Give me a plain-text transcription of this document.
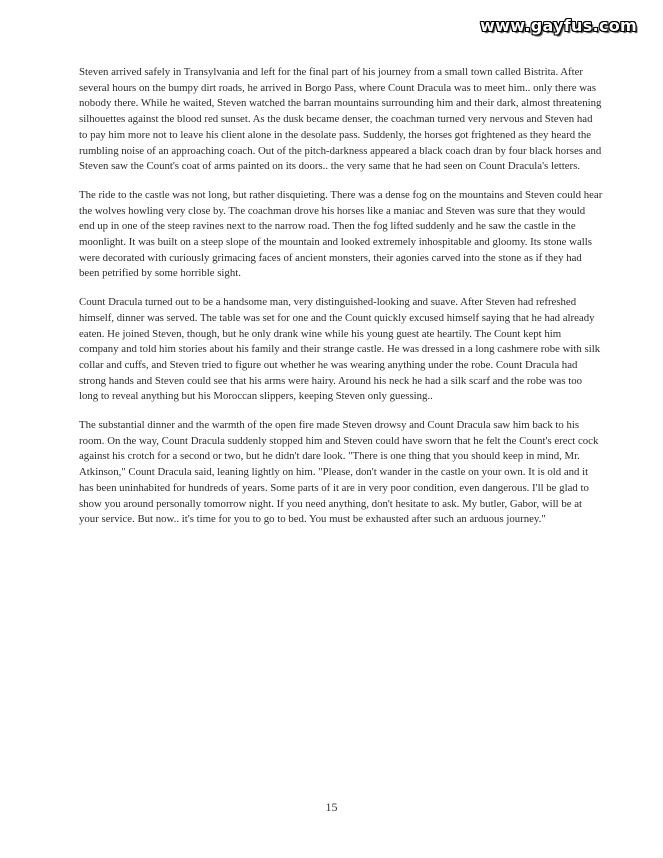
www.gayfus.com

Steven arrived safely in Transylvania and left for the final part of his journey from a small town called Bistrita. After several hours on the bumpy dirt roads, he arrived in Borgo Pass, where Count Dracula was to meet him.. only there was nobody there. While he waited, Steven watched the barran mountains surrounding him and their dark, almost threatening silhouettes against the blood red sunset. As the dusk became denser, the coachman turned very nervous and Steven had to pay him more not to leave his client alone in the desolate pass. Suddenly, the horses got frightened as they heard the rumbling noise of an approaching coach. Out of the pitch-darkness appeared a black coach dran by four black horses and Steven saw the Count's coat of arms painted on its doors.. the very same that he had seen on Count Dracula's letters.

The ride to the castle was not long, but rather disquieting. There was a dense fog on the mountains and Steven could hear the wolves howling very close by. The coachman drove his horses like a maniac and Steven was sure that they would end up in one of the steep ravines next to the narrow road. Then the fog lifted suddenly and he saw the castle in the moonlight. It was built on a steep slope of the mountain and looked extremely inhospitable and gloomy. Its stone walls were decorated with curiously grimacing faces of ancient monsters, their agonies carved into the stone as if they had been petrified by some horrible sight.

Count Dracula turned out to be a handsome man, very distinguished-looking and suave. After Steven had refreshed himself, dinner was served. The table was set for one and the Count quickly excused himself saying that he had already eaten. He joined Steven, though, but he only drank wine while his young guest ate heartily. The Count kept him company and told him stories about his family and their strange castle. He was dressed in a long cashmere robe with silk collar and cuffs, and Steven tried to figure out whether he was wearing anything under the robe. Count Dracula had strong hands and Steven could see that his arms were hairy. Around his neck he had a silk scarf and the robe was too long to reveal anything but his Moroccan slippers, keeping Steven only guessing..

The substantial dinner and the warmth of the open fire made Steven drowsy and Count Dracula saw him back to his room. On the way, Count Dracula suddenly stopped him and Steven could have sworn that he felt the Count's erect cock against his crotch for a second or two, but he didn't dare look. "There is one thing that you should keep in mind, Mr. Atkinson," Count Dracula said, leaning lightly on him. "Please, don't wander in the castle on your own. It is old and it has been uninhabited for hundreds of years. Some parts of it are in very poor condition, even dangerous. I'll be glad to show you around personally tomorrow night. If you need anything, don't hesitate to ask. My butler, Gabor, will be at your service. But now.. it's time for you to go to bed. You must be exhausted after such an arduous journey."

15
